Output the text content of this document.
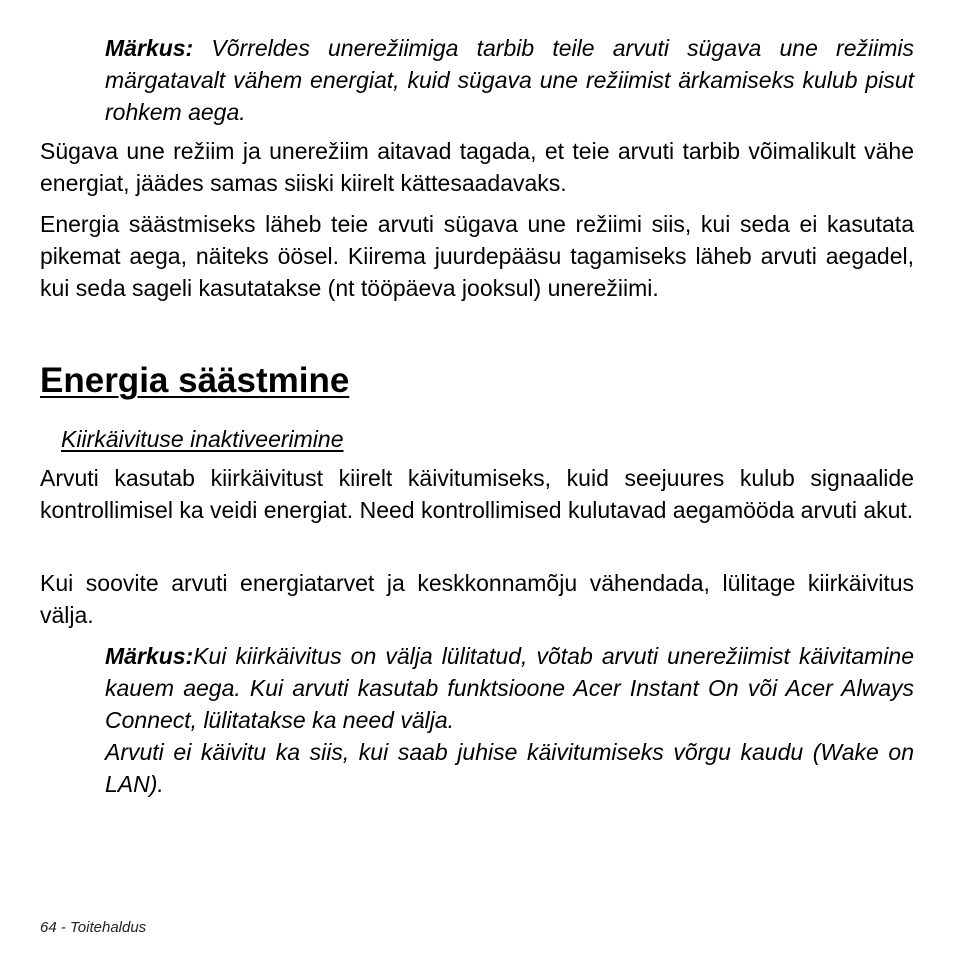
Märkus: Võrreldes unerežiimiga tarbib teile arvuti sügava une režiimis märgatavalt vähem energiat, kuid sügava une režiimist ärkamiseks kulub pisut rohkem aega.
Sügava une režiim ja unerežiim aitavad tagada, et teie arvuti tarbib võimalikult vähe energiat, jäädes samas siiski kiirelt kättesaadavaks.
Energia säästmiseks läheb teie arvuti sügava une režiimi siis, kui seda ei kasutata pikemat aega, näiteks öösel. Kiirema juurdepääsu tagamiseks läheb arvuti aegadel, kui seda sageli kasutatakse (nt tööpäeva jooksul) unerežiimi.
Energia säästmine
Kiirkäivituse inaktiveerimine
Arvuti kasutab kiirkäivitust kiirelt käivitumiseks, kuid seejuures kulub signaalide kontrollimisel ka veidi energiat. Need kontrollimised kulutavad aegamööda arvuti akut.
Kui soovite arvuti energiatarvet ja keskkonnamõju vähendada, lülitage kiirkäivitus välja.
Märkus:Kui kiirkäivitus on välja lülitatud, võtab arvuti unerežiimist käivitamine kauem aega. Kui arvuti kasutab funktsioone Acer Instant On või Acer Always Connect, lülitatakse ka need välja.
Arvuti ei käivitu ka siis, kui saab juhise käivitumiseks võrgu kaudu (Wake on LAN).
64 - Toitehaldus
